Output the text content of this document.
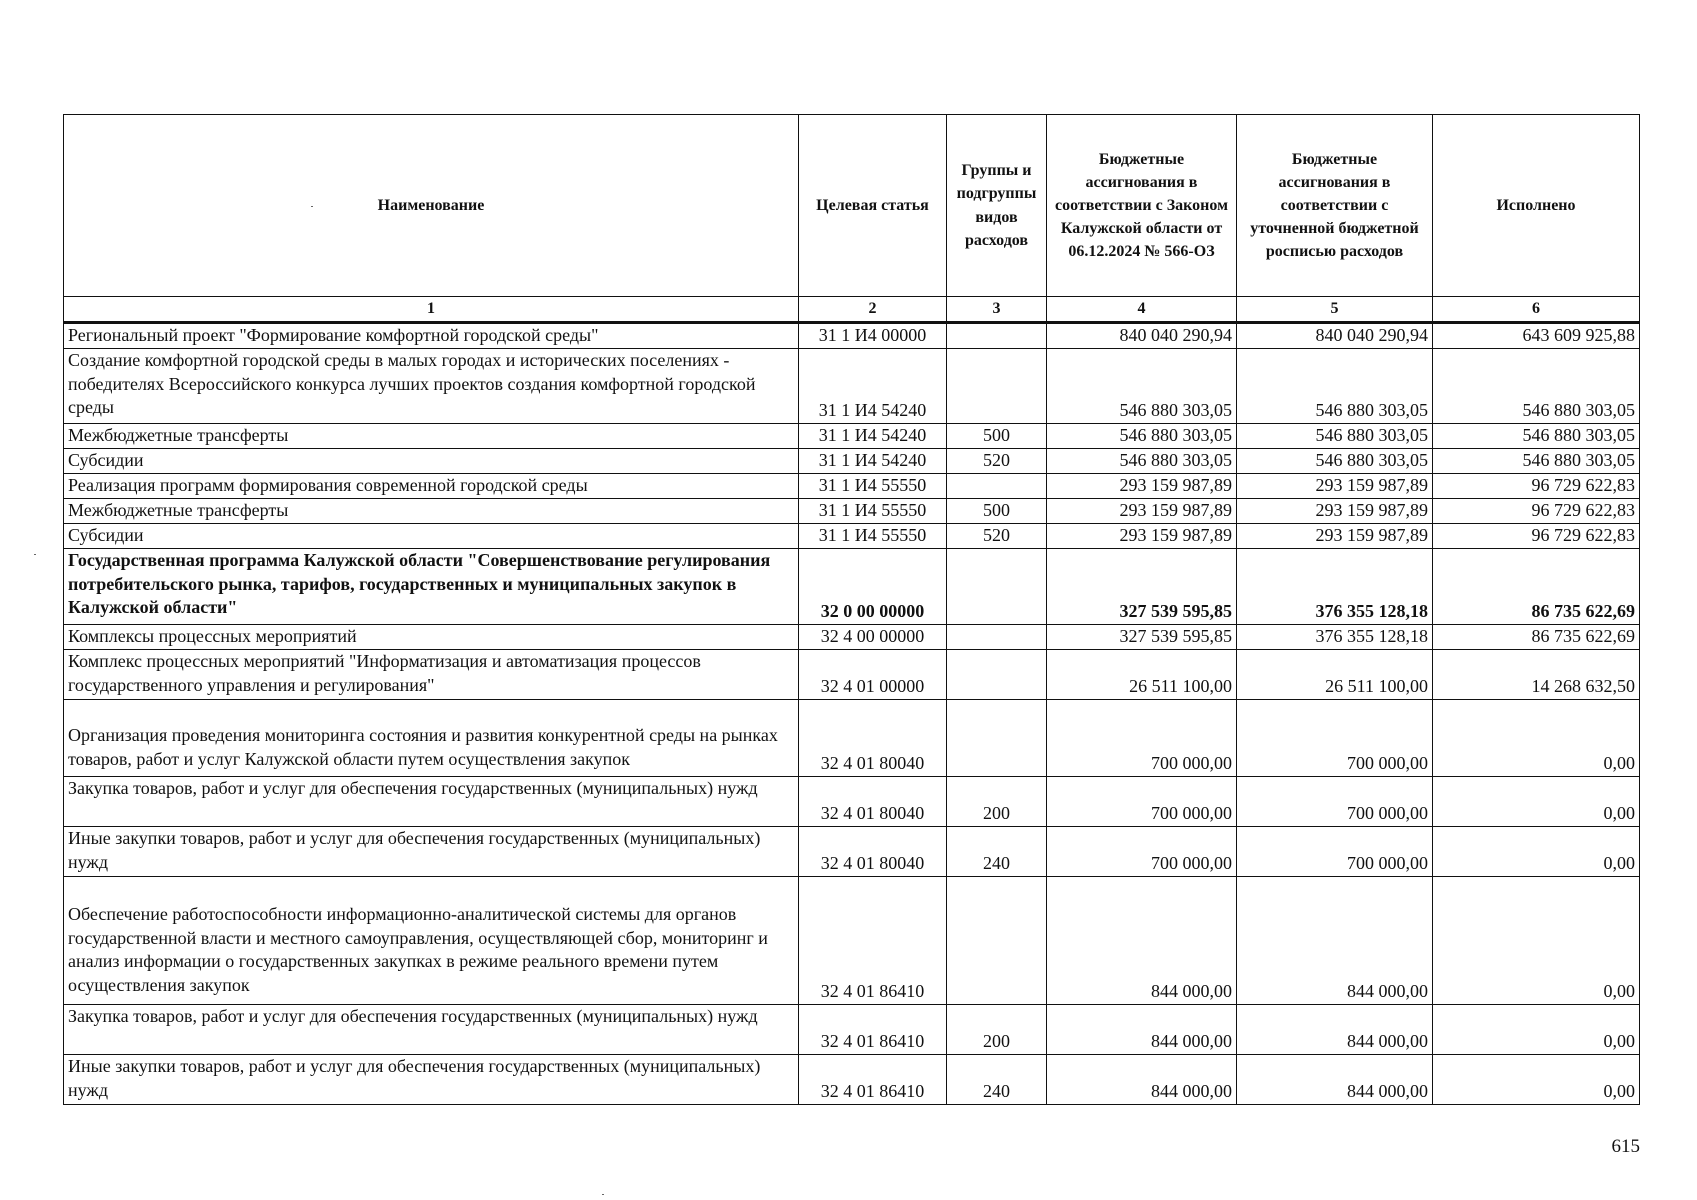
Наименование	Целевая статья	Группы и подгруппы видов расходов	Бюджетные ассигнования в соответствии с Законом Калужской области от 06.12.2024 № 566-ОЗ	Бюджетные ассигнования в соответствии с уточненной бюджетной росписью расходов	Исполнено
1	2	3	4	5	6
Региональный проект "Формирование комфортной городской среды"	31 1 И4 00000		840 040 290,94	840 040 290,94	643 609 925,88
Создание комфортной городской среды в малых городах и исторических поселениях - победителях Всероссийского конкурса лучших проектов создания комфортной городской среды	31 1 И4 54240		546 880 303,05	546 880 303,05	546 880 303,05
Межбюджетные трансферты	31 1 И4 54240	500	546 880 303,05	546 880 303,05	546 880 303,05
Субсидии	31 1 И4 54240	520	546 880 303,05	546 880 303,05	546 880 303,05
Реализация программ формирования современной городской среды	31 1 И4 55550		293 159 987,89	293 159 987,89	96 729 622,83
Межбюджетные трансферты	31 1 И4 55550	500	293 159 987,89	293 159 987,89	96 729 622,83
Субсидии	31 1 И4 55550	520	293 159 987,89	293 159 987,89	96 729 622,83
Государственная программа Калужской области "Совершенствование регулирования потребительского рынка, тарифов, государственных и муниципальных закупок в Калужской области"	32 0 00 00000		327 539 595,85	376 355 128,18	86 735 622,69
Комплексы процессных мероприятий	32 4 00 00000		327 539 595,85	376 355 128,18	86 735 622,69
Комплекс процессных мероприятий "Информатизация и автоматизация процессов государственного управления и регулирования"	32 4 01 00000		26 511 100,00	26 511 100,00	14 268 632,50
Организация проведения мониторинга состояния и развития конкурентной среды на рынках товаров, работ и услуг Калужской области путем осуществления закупок	32 4 01 80040		700 000,00	700 000,00	0,00
Закупка товаров, работ и услуг для обеспечения государственных (муниципальных) нужд	32 4 01 80040	200	700 000,00	700 000,00	0,00
Иные закупки товаров, работ и услуг для обеспечения государственных (муниципальных) нужд	32 4 01 80040	240	700 000,00	700 000,00	0,00
Обеспечение работоспособности информационно-аналитической системы для органов государственной власти и местного самоуправления, осуществляющей сбор, мониторинг и анализ информации о государственных закупках в режиме реального времени путем осуществления закупок	32 4 01 86410		844 000,00	844 000,00	0,00
Закупка товаров, работ и услуг для обеспечения государственных (муниципальных) нужд	32 4 01 86410	200	844 000,00	844 000,00	0,00
Иные закупки товаров, работ и услуг для обеспечения государственных (муниципальных) нужд	32 4 01 86410	240	844 000,00	844 000,00	0,00
615
